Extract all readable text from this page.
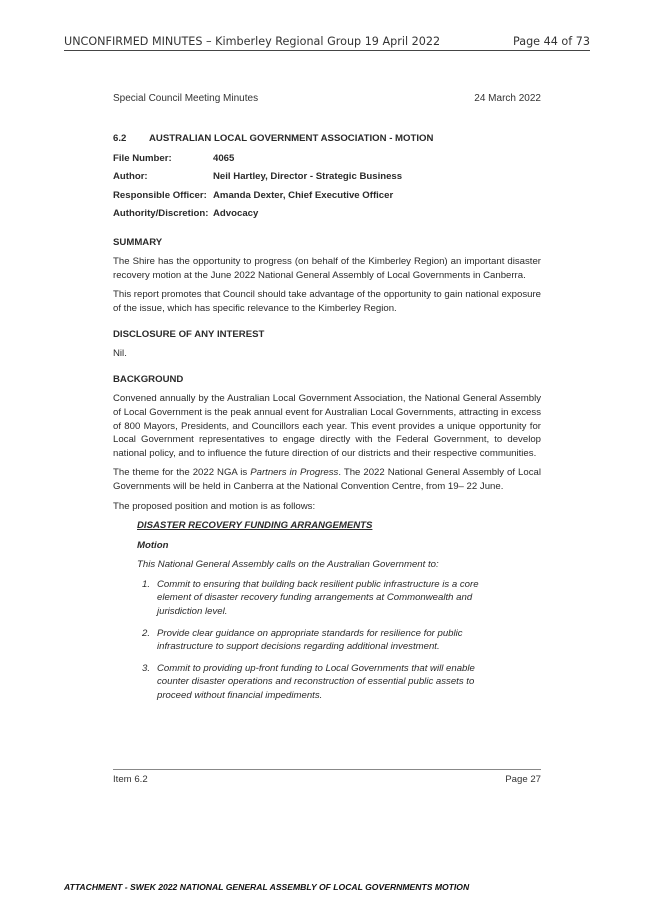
UNCONFIRMED MINUTES – Kimberley Regional Group 19 April 2022	Page 44 of 73
Special Council Meeting Minutes	24 March 2022
6.2 AUSTRALIAN LOCAL GOVERNMENT ASSOCIATION - MOTION
File Number:	4065
Author:	Neil Hartley, Director - Strategic Business
Responsible Officer: Amanda Dexter, Chief Executive Officer
Authority/Discretion: Advocacy
SUMMARY

The Shire has the opportunity to progress (on behalf of the Kimberley Region) an important disaster recovery motion at the June 2022 National General Assembly of Local Governments in Canberra.

This report promotes that Council should take advantage of the opportunity to gain national exposure of the issue, which has specific relevance to the Kimberley Region.

DISCLOSURE OF ANY INTEREST

Nil.

BACKGROUND

Convened annually by the Australian Local Government Association, the National General Assembly of Local Government is the peak annual event for Australian Local Governments, attracting in excess of 800 Mayors, Presidents, and Councillors each year. This event provides a unique opportunity for Local Government representatives to engage directly with the Federal Government, to develop national policy, and to influence the future direction of our districts and their respective communities.

The theme for the 2022 NGA is Partners in Progress. The 2022 National General Assembly of Local Governments will be held in Canberra at the National Convention Centre, from 19– 22 June.

The proposed position and motion is as follows:

DISASTER RECOVERY FUNDING ARRANGEMENTS
Motion
This National General Assembly calls on the Australian Government to:
1. Commit to ensuring that building back resilient public infrastructure is a core element of disaster recovery funding arrangements at Commonwealth and jurisdiction level.
2. Provide clear guidance on appropriate standards for resilience for public infrastructure to support decisions regarding additional investment.
3. Commit to providing up-front funding to Local Governments that will enable counter disaster operations and reconstruction of essential public assets to proceed without financial impediments.
Item 6.2	Page 27
ATTACHMENT - SWEK 2022 NATIONAL GENERAL ASSEMBLY OF LOCAL GOVERNMENTS MOTION
